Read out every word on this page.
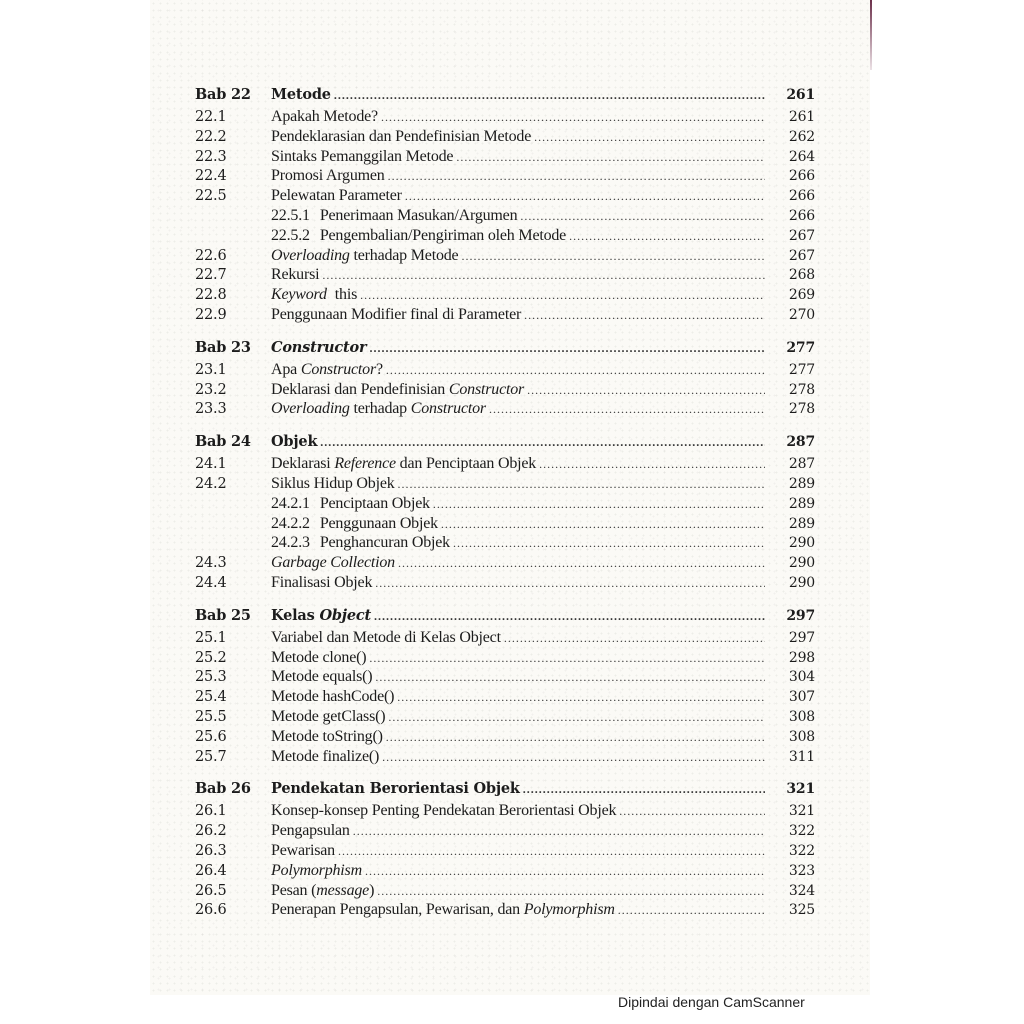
Bab 22	Metode .....	261
22.1	Apakah Metode? .....	261
22.2	Pendeklarasian dan Pendefinisian Metode .....	262
22.3	Sintaks Pemanggilan Metode .....	264
22.4	Promosi Argumen .....	266
22.5	Pelewatan Parameter .....	266
22.5.1 Penerimaan Masukan/Argumen .....	266
22.5.2 Pengembalian/Pengiriman oleh Metode .....	267
22.6	Overloading terhadap Metode .....	267
22.7	Rekursi .....	268
22.8	Keyword this .....	269
22.9	Penggunaan Modifier final di Parameter .....	270
Bab 23	Constructor .....	277
23.1	Apa Constructor ? .....	277
23.2	Deklarasi dan Pendefinisian Constructor .....	278
23.3	Overloading terhadap Constructor .....	278
Bab 24	Objek .....	287
24.1	Deklarasi Reference dan Penciptaan Objek .....	287
24.2	Siklus Hidup Objek .....	289
24.2.1 Penciptaan Objek .....	289
24.2.2 Penggunaan Objek .....	289
24.2.3 Penghancuran Objek .....	290
24.3	Garbage Collection .....	290
24.4	Finalisasi Objek .....	290
Bab 25	Kelas Object .....	297
25.1	Variabel dan Metode di Kelas Object .....	297
25.2	Metode clone() .....	298
25.3	Metode equals() .....	304
25.4	Metode hashCode() .....	307
25.5	Metode getClass() .....	308
25.6	Metode toString() .....	308
25.7	Metode finalize() .....	311
Bab 26	Pendekatan Berorientasi Objek .....	321
26.1	Konsep-konsep Penting Pendekatan Berorientasi Objek .....	321
26.2	Pengapsulan .....	322
26.3	Pewarisan .....	322
26.4	Polymorphism .....	323
26.5	Pesan ( message ) .....	324
26.6	Penerapan Pengapsulan, Pewarisan, dan Polymorphism .....	325
Dipindai dengan CamScanner
